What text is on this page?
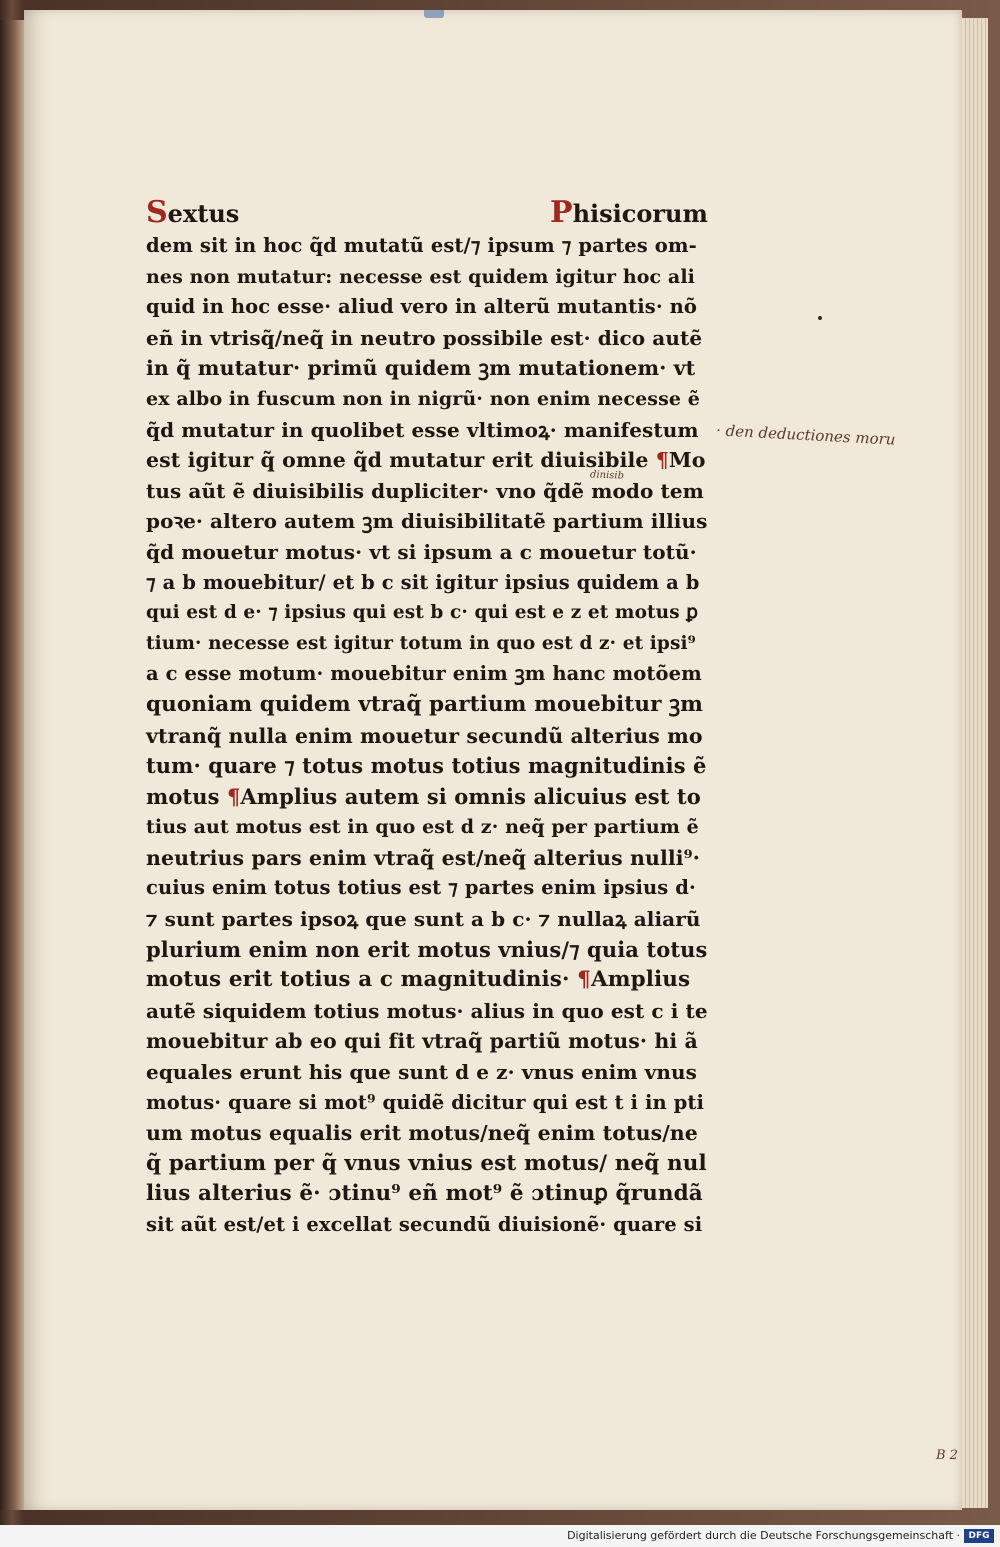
Sextus	Phisicorum
dem sit in hoc q̃d mutatũ est/⁊ ipsum ⁊ partes om-
nes non mutatur: necesse est quidem igitur hoc ali
quid in hoc esse· aliud vero in alterũ mutantis· nõ
eñ in vtrisq̃/neq̃ in neutro possibile est· dico autẽ
in q̃ mutatur· primũ quidem ꝫm mutationem· vt
ex albo in fuscum non in nigrũ· non enim necesse ẽ
q̃d mutatur in quolibet esse vltimoꝝ· manifestum
est igitur q̃ omne q̃d mutatur erit diuisibile ¶Mo
tus aũt ẽ diuisibilis dupliciter· vno q̃dẽ modo tem
poꝛe· altero autem ꝫm diuisibilitatẽ partium illius
q̃d mouetur motus· vt si ipsum a c mouetur totũ·
⁊ a b mouebitur/ et b c sit igitur ipsius quidem a b
qui est d e· ⁊ ipsius qui est b c· qui est e z et motus ꝑ
tium· necesse est igitur totum in quo est d z· et ipsi⁹
a c esse motum· mouebitur enim ꝫm hanc motõem
quoniam quidem vtraq̃ partium mouebitur ꝫm
vtranq̃ nulla enim mouetur secundũ alterius mo
tum· quare ⁊ totus motus totius magnitudinis ẽ
motus ¶Amplius autem si omnis alicuius est to
tius aut motus est in quo est d z· neq̃ per partium ẽ
neutrius pars enim vtraq̃ est/neq̃ alterius nulli⁹·
cuius enim totus totius est ⁊ partes enim ipsius d·
⁊ sunt partes ipsoꝝ que sunt a b c· ⁊ nullaꝝ aliarũ
plurium enim non erit motus vnius/⁊ quia totus
motus erit totius a c magnitudinis· ¶Amplius
autẽ siquidem totius motus· alius in quo est c i te
mouebitur ab eo qui fit vtraq̃ partiũ motus· hi ã
equales erunt his que sunt d e z· vnus enim vnus
motus· quare si mot⁹ quidẽ dicitur qui est t i in pti
um motus equalis erit motus/neq̃ enim totus/ne
q̃ partium per q̃ vnus vnius est motus/ neq̃ nul
lius alterius ẽ· ɔtinu⁹ eñ mot⁹ ẽ ɔtinuꝑ q̃rundã
sit aũt est/et i excellat secundũ diuisionẽ· quare si
· den deductiones moru
dinisib
B 2
Digitalisierung gefördert durch die Deutsche Forschungsgemeinschaft · DFG
